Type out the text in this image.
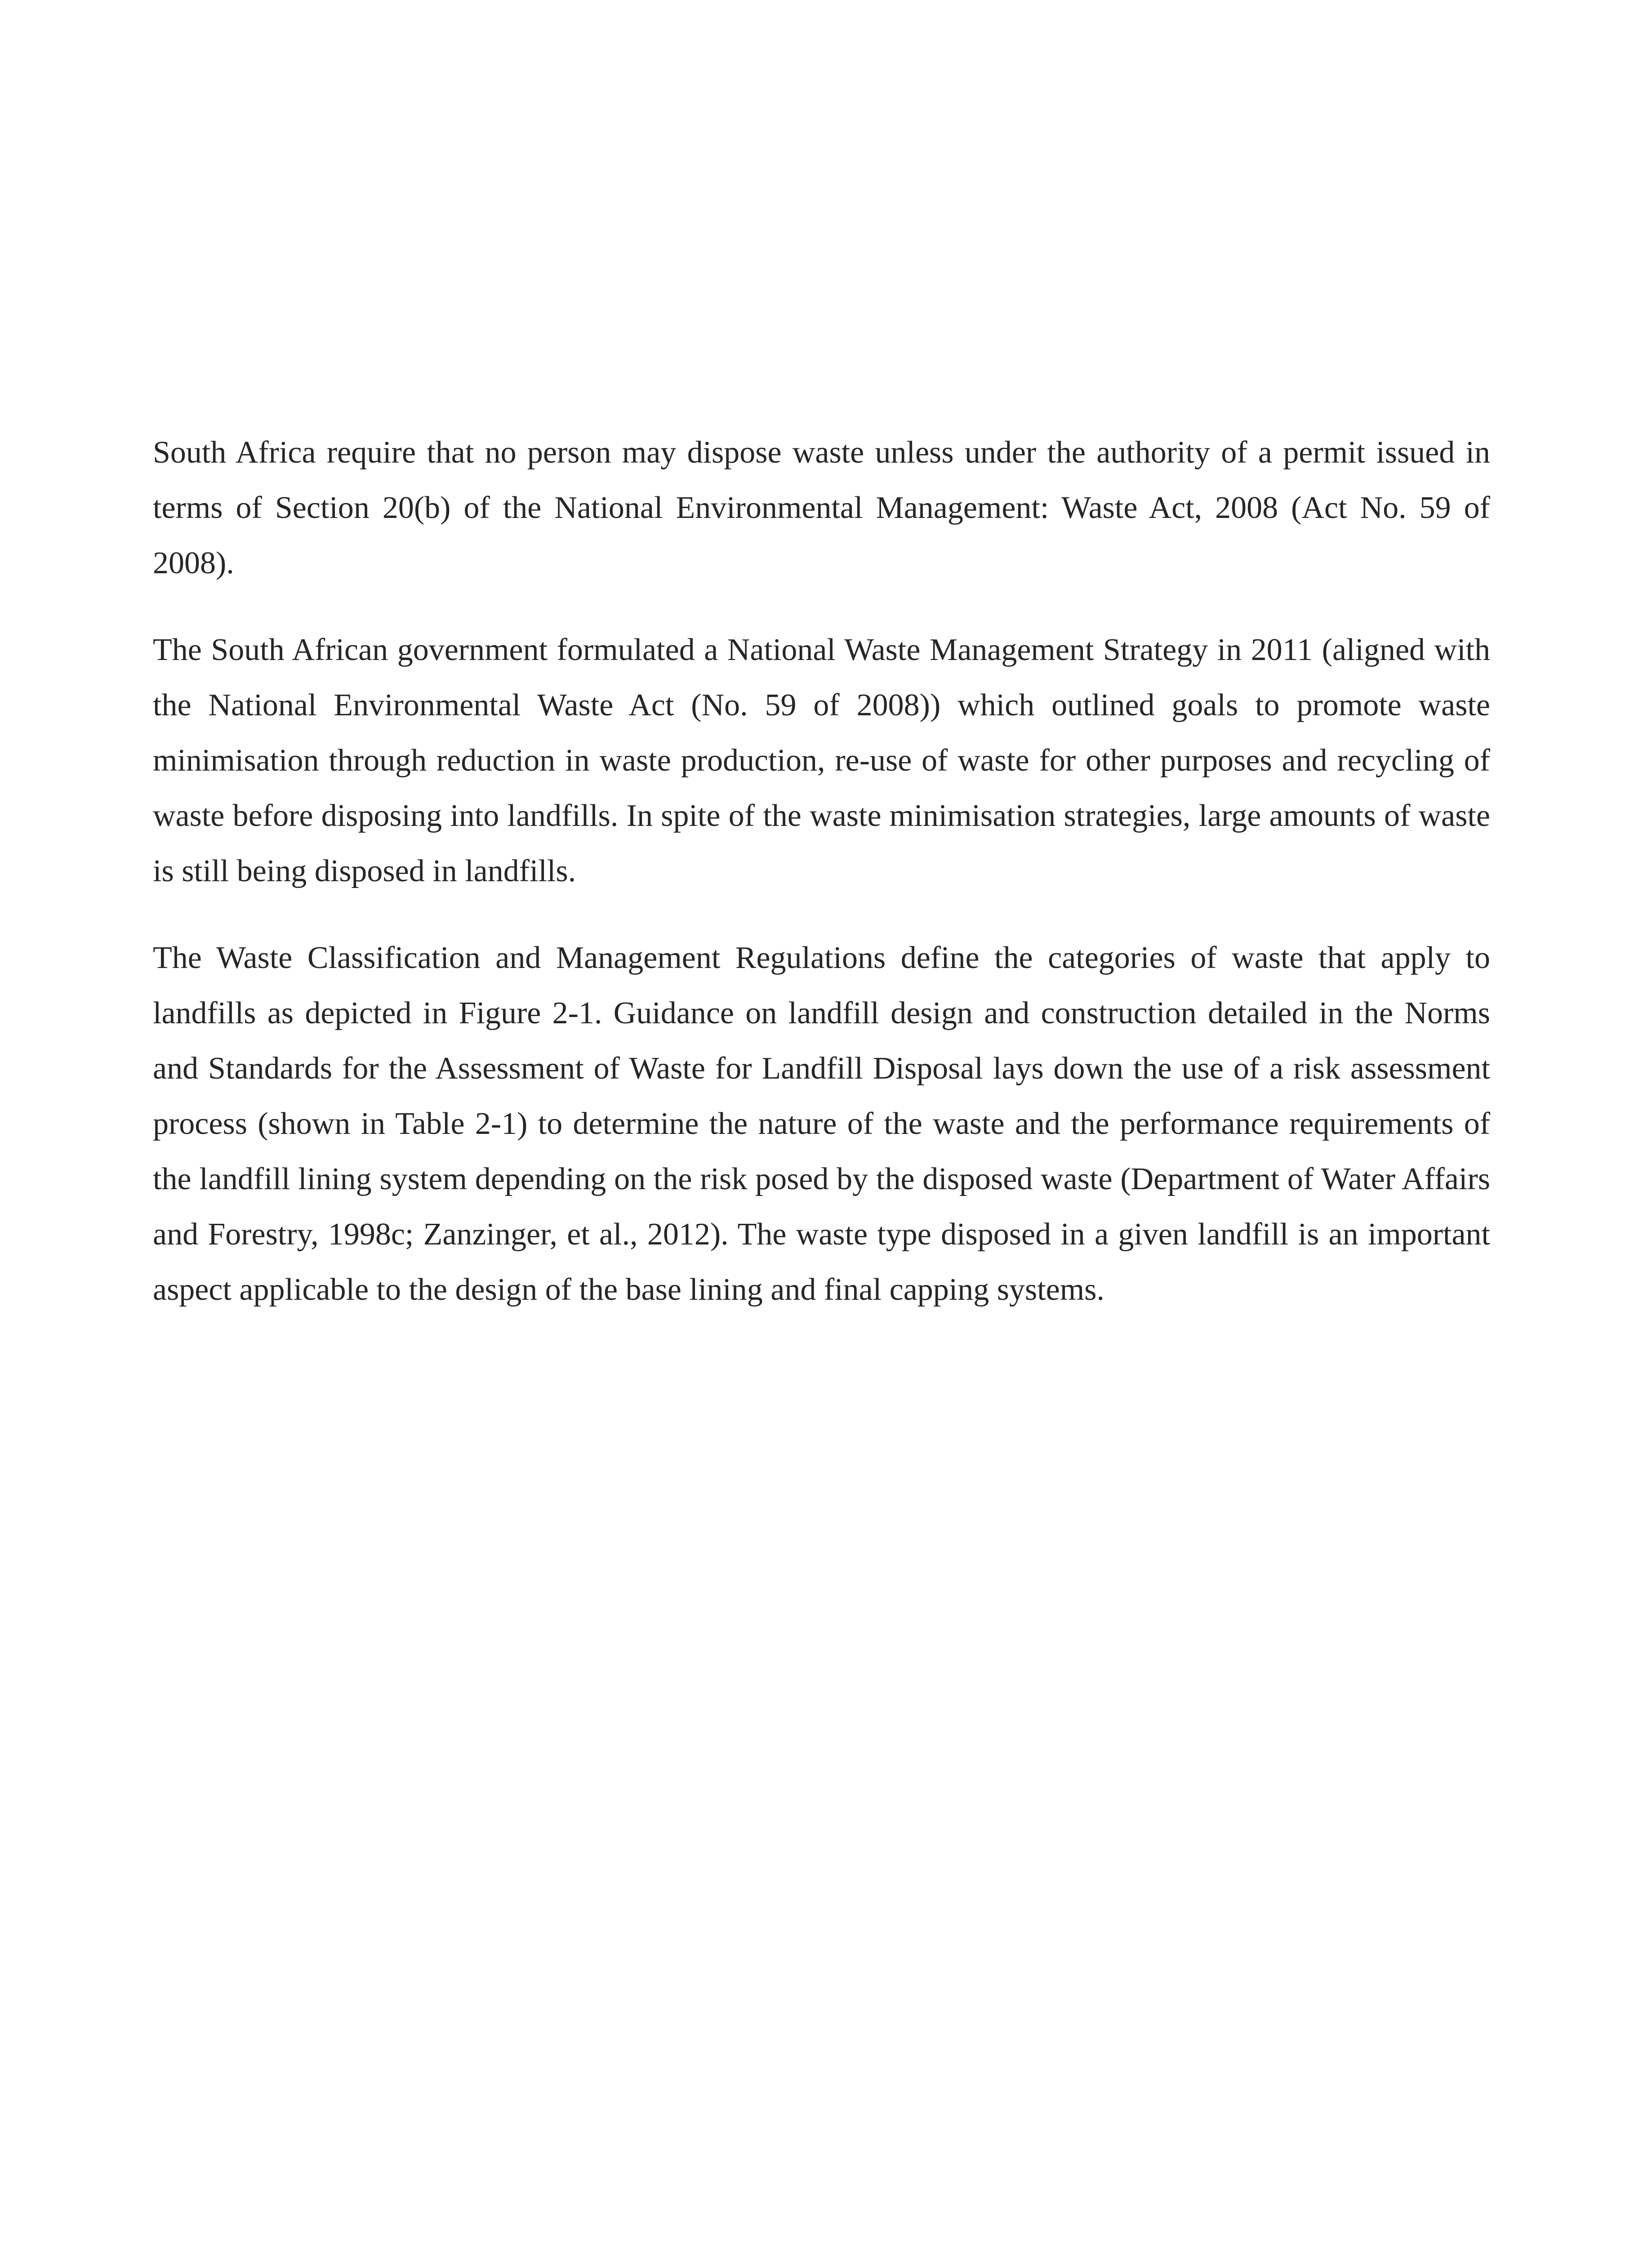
South Africa require that no person may dispose waste unless under the authority of a permit issued in terms of Section 20(b) of the National Environmental Management: Waste Act, 2008 (Act No. 59 of 2008).

The South African government formulated a National Waste Management Strategy in 2011 (aligned with the National Environmental Waste Act (No. 59 of 2008)) which outlined goals to promote waste minimisation through reduction in waste production, re-use of waste for other purposes and recycling of waste before disposing into landfills. In spite of the waste minimisation strategies, large amounts of waste is still being disposed in landfills.

The Waste Classification and Management Regulations define the categories of waste that apply to landfills as depicted in Figure 2-1. Guidance on landfill design and construction detailed in the Norms and Standards for the Assessment of Waste for Landfill Disposal lays down the use of a risk assessment process (shown in Table 2-1) to determine the nature of the waste and the performance requirements of the landfill lining system depending on the risk posed by the disposed waste (Department of Water Affairs and Forestry, 1998c; Zanzinger, et al., 2012). The waste type disposed in a given landfill is an important aspect applicable to the design of the base lining and final capping systems.
